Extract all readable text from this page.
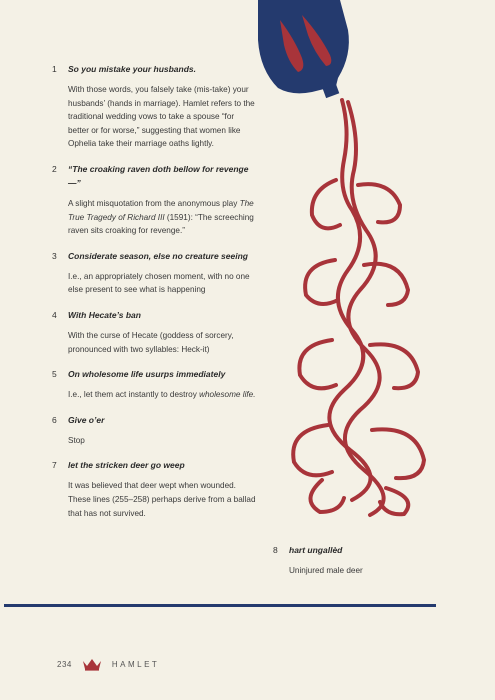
1 So you mistake your husbands.
With those words, you falsely take (mis-take) your husbands’ (hands in marriage). Hamlet refers to the traditional wedding vows to take a spouse “for better or for worse,” suggesting that women like Ophelia take their marriage oaths lightly.
2 “The croaking raven doth bellow for revenge—”
A slight misquotation from the anonymous play The True Tragedy of Richard III (1591): “The screeching raven sits croaking for revenge.”
3 Considerate season, else no creature seeing
I.e., an appropriately chosen moment, with no one else present to see what is happening
4 With Hecate’s ban
With the curse of Hecate (goddess of sorcery, pronounced with two syllables: Heck-it)
5 On wholesome life usurps immediately
I.e., let them act instantly to destroy wholesome life.
6 Give o’er
Stop
7 let the stricken deer go weep
It was believed that deer wept when wounded. These lines (255–258) perhaps derive from a ballad that has not survived.
8 hart ungallèd
Uninjured male deer
234	HAMLET
